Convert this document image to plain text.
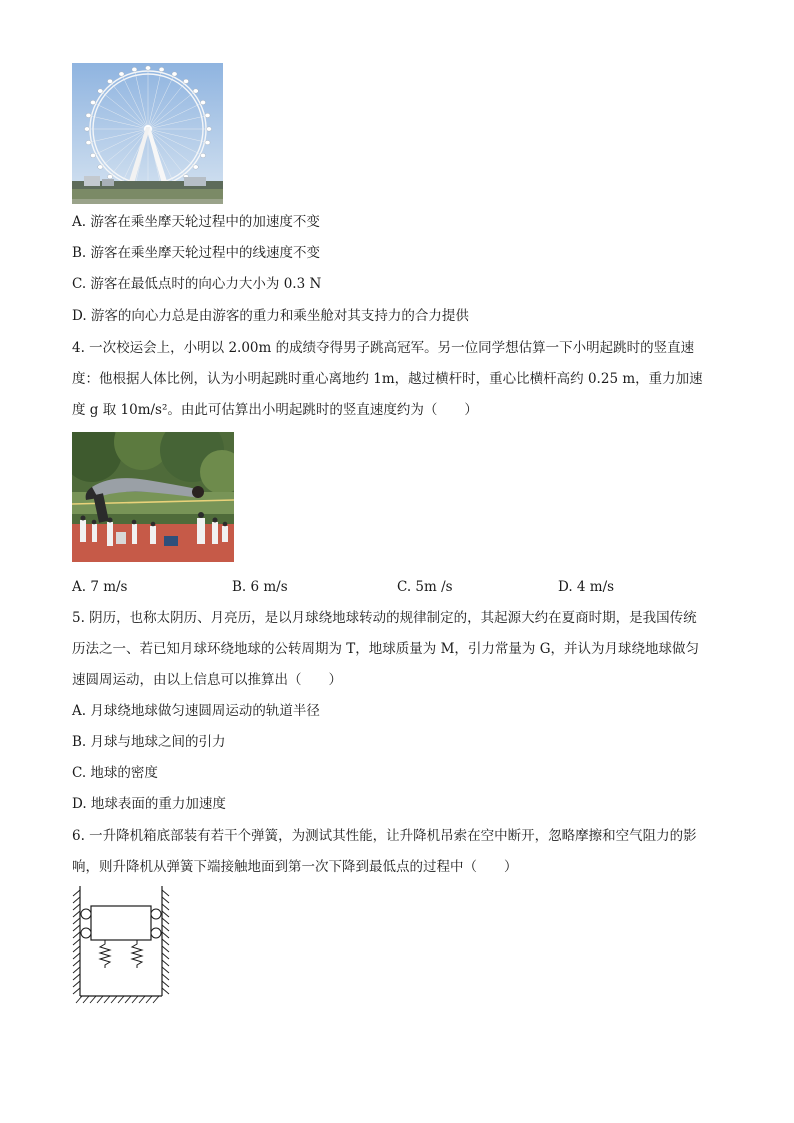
A. 游客在乘坐摩天轮过程中的加速度不变
B. 游客在乘坐摩天轮过程中的线速度不变
C. 游客在最低点时的向心力大小为 0.3 N
D. 游客的向心力总是由游客的重力和乘坐舱对其支持力的合力提供
4. 一次校运会上，小明以 2.00m 的成绩夺得男子跳高冠军。另一位同学想估算一下小明起跳时的竖直速
度：他根据人体比例，认为小明起跳时重心离地约 1m，越过横杆时，重心比横杆高约 0.25 m，重力加速
度 g 取 10m/s²。由此可估算出小明起跳时的竖直速度约为（　　）
A. 7 m/s	B. 6 m/s	C. 5m /s	D. 4 m/s
5. 阴历，也称太阴历、月亮历，是以月球绕地球转动的规律制定的，其起源大约在夏商时期，是我国传统
历法之一、若已知月球环绕地球的公转周期为 T，地球质量为 M，引力常量为 G，并认为月球绕地球做匀
速圆周运动，由以上信息可以推算出（　　）
A. 月球绕地球做匀速圆周运动的轨道半径
B. 月球与地球之间的引力
C. 地球的密度
D. 地球表面的重力加速度
6. 一升降机箱底部装有若干个弹簧，为测试其性能，让升降机吊索在空中断开，忽略摩擦和空气阻力的影
响，则升降机从弹簧下端接触地面到第一次下降到最低点的过程中（　　）
